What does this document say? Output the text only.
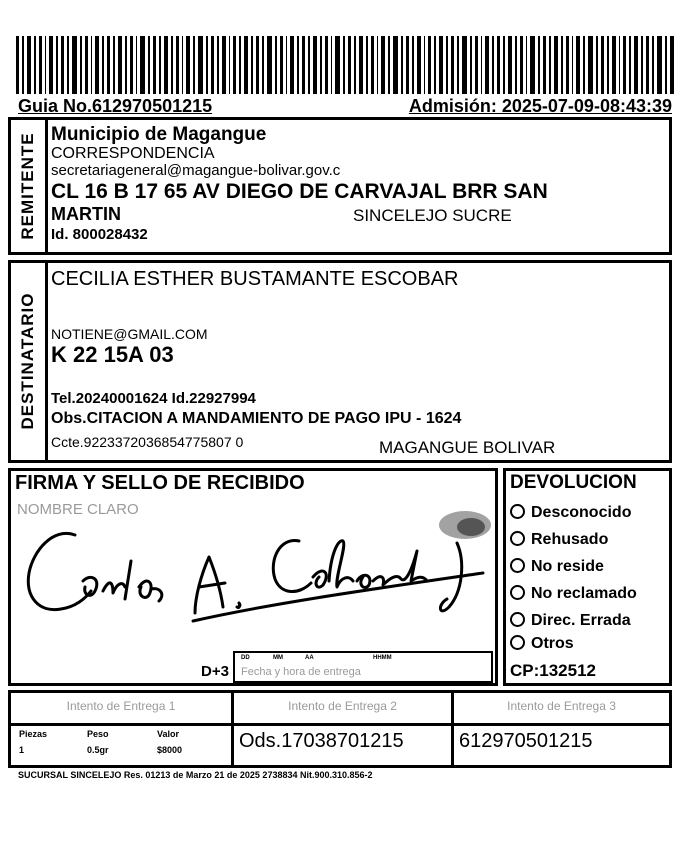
Guia No.612970501215	Admisión: 2025-07-09-08:43:39
REMITENTE Municipio de Magangue
CORRESPONDENCIA
secretariageneral@magangue-bolivar.gov.c
CL 16 B 17 65 AV DIEGO DE CARVAJAL BRR SAN
MARTIN	SINCELEJO SUCRE
Id. 800028432
DESTINATARIO
CECILIA ESTHER BUSTAMANTE ESCOBAR
NOTIENE@GMAIL.COM
K 22 15A 03
Tel.20240001624 Id.22927994
Obs.CITACION A MANDAMIENTO DE PAGO IPU - 1624
Ccte.9223372036854775807 0	MAGANGUE BOLIVAR
FIRMA Y SELLO DE RECIBIDO
NOMBRE CLARO
D+3
DD	MM	AA	HHMM
Fecha y hora de entrega
DEVOLUCION
Desconocido
Rehusado
No reside
No reclamado
Direc. Errada
Otros
CP:132512
Intento de Entrega 1	Intento de Entrega 2	Intento de Entrega 3
Piezas	Peso	Valor
1	0.5gr	$8000	Ods.17038701215	612970501215
SUCURSAL SINCELEJO Res. 01213 de Marzo 21 de 2025 2738834 Nit.900.310.856-2
